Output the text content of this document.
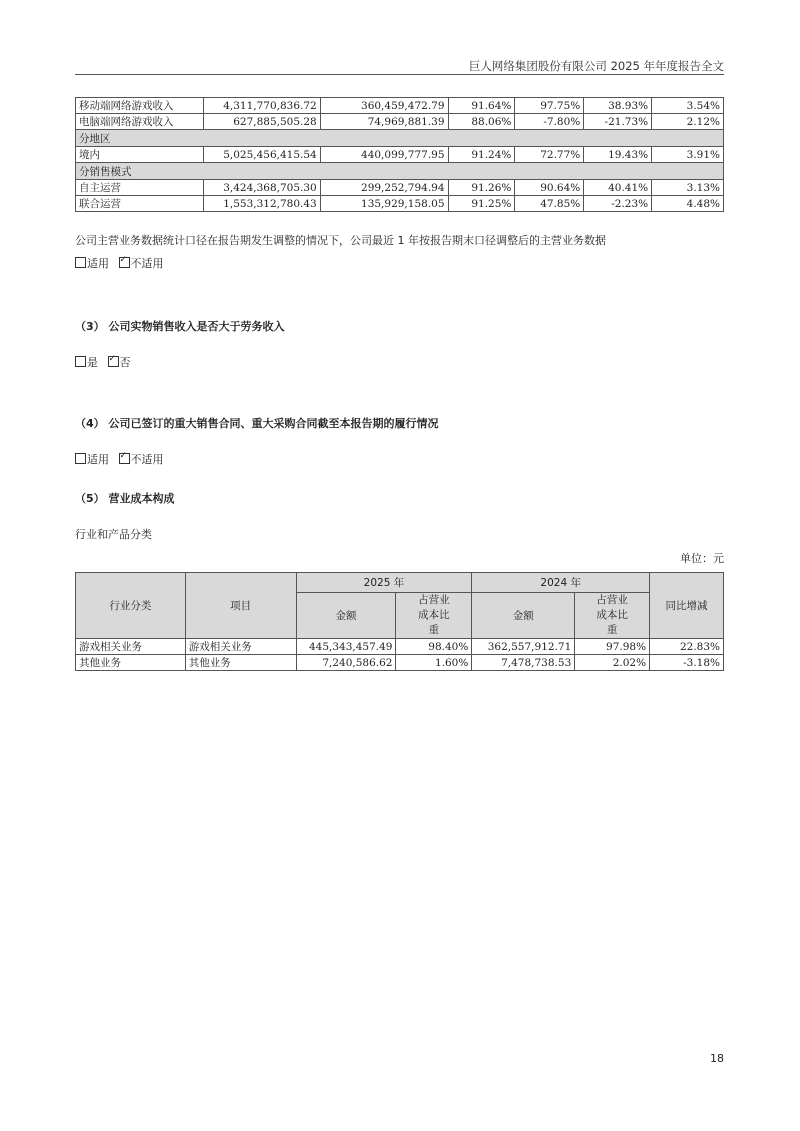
巨人网络集团股份有限公司 2025 年年度报告全文
移动端网络游戏收入	4,311,770,836.72	360,459,472.79	91.64%	97.75%	38.93%	3.54%
电脑端网络游戏收入	627,885,505.28	74,969,881.39	88.06%	-7.80%	-21.73%	2.12%
分地区						
境内	5,025,456,415.54	440,099,777.95	91.24%	72.77%	19.43%	3.91%
分销售模式						
自主运营	3,424,368,705.30	299,252,794.94	91.26%	90.64%	40.41%	3.13%
联合运营	1,553,312,780.43	135,929,158.05	91.25%	47.85%	-2.23%	4.48%
公司主营业务数据统计口径在报告期发生调整的情况下，公司最近 1 年按报告期末口径调整后的主营业务数据
适用 ✓ 不适用
（3） 公司实物销售收入是否大于劳务收入
是 ✓ 否
（4） 公司已签订的重大销售合同、重大采购合同截至本报告期的履行情况
适用 ✓ 不适用
（5） 营业成本构成
行业和产品分类
单位：元
行业分类	项目	2025 年		2024 年		同比增减
		金额	占营业成本比重	金额	占营业成本比重	
游戏相关业务	游戏相关业务	445,343,457.49	98.40%	362,557,912.71	97.98%	22.83%
其他业务	其他业务	7,240,586.62	1.60%	7,478,738.53	2.02%	-3.18%
18
